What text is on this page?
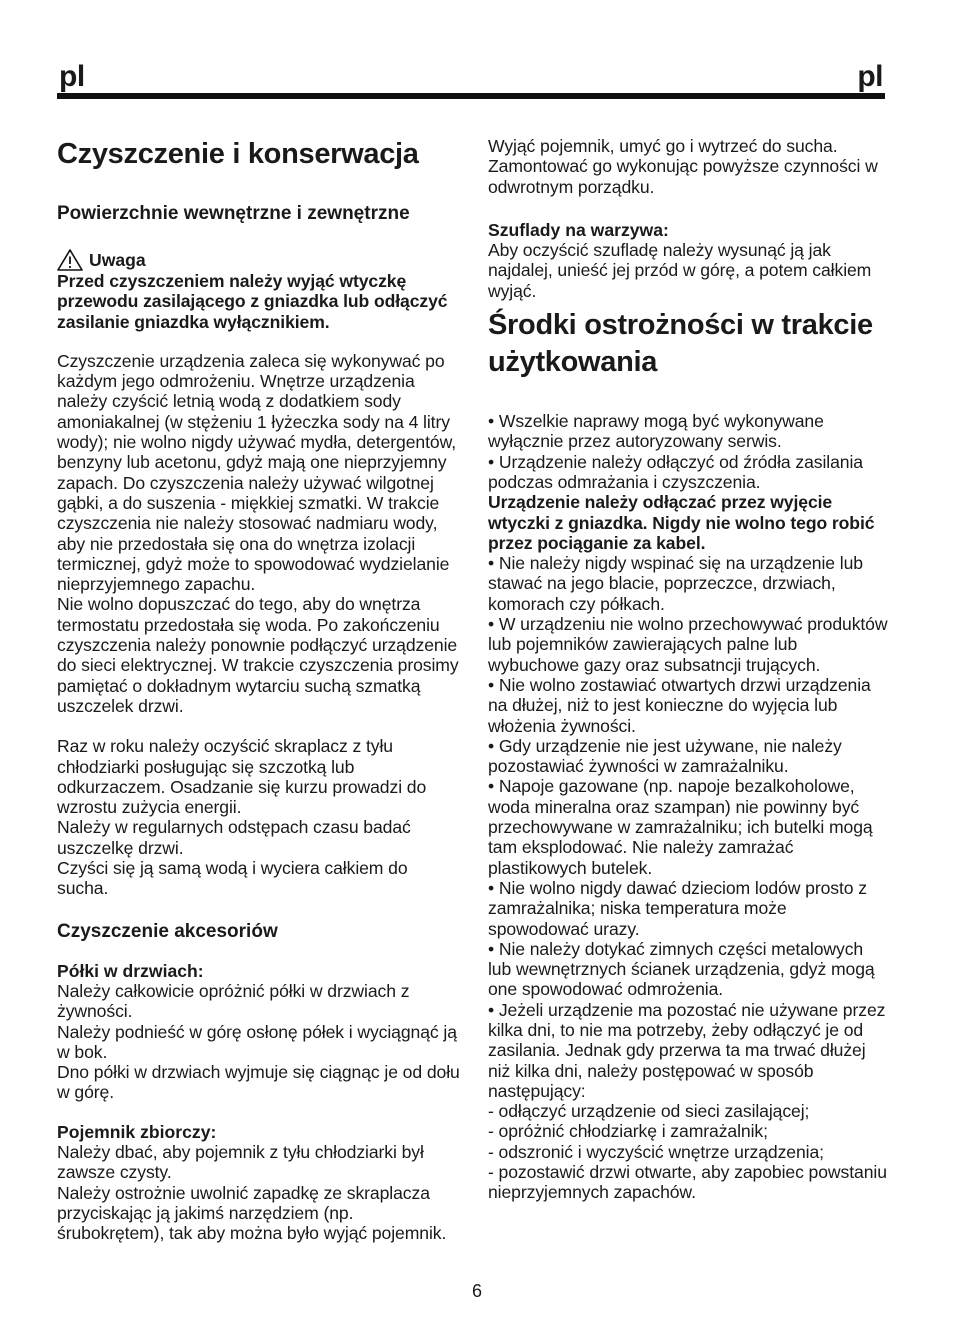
pl	pl
Czyszczenie i konserwacja
Powierzchnie wewnętrzne i zewnętrzne
Uwaga

Przed czyszczeniem należy wyjąć wtyczkę przewodu zasilającego z gniazdka lub odłączyć zasilanie gniazdka wyłącznikiem.

Czyszczenie urządzenia zaleca się wykonywać po każdym jego odmrożeniu. Wnętrze urządzenia należy czyścić letnią wodą z dodatkiem sody amoniakalnej (w stężeniu 1 łyżeczka sody na 4 litry wody); nie wolno nigdy używać mydła, detergentów, benzyny lub acetonu, gdyż mają one nieprzyjemny zapach. Do czyszczenia należy używać wilgotnej gąbki, a do suszenia - miękkiej szmatki. W trakcie czyszczenia nie należy stosować nadmiaru wody, aby nie przedostała się ona do wnętrza izolacji termicznej, gdyż może to spowodować wydzielanie nieprzyjemnego zapachu.

Nie wolno dopuszczać do tego, aby do wnętrza termostatu przedostała się woda. Po zakończeniu czyszczenia należy ponownie podłączyć urządzenie do sieci elektrycznej. W trakcie czyszczenia prosimy pamiętać o dokładnym wytarciu suchą szmatką uszczelek drzwi.

Raz w roku należy oczyścić skraplacz z tyłu chłodziarki posługując się szczotką lub odkurzaczem. Osadzanie się kurzu prowadzi do wzrostu zużycia energii.

Należy w regularnych odstępach czasu badać uszczelkę drzwi.

Czyści się ją samą wodą i wyciera całkiem do sucha.

Czyszczenie akcesoriów
Półki w drzwiach:

Należy całkowicie opróżnić półki w drzwiach z żywności.

Należy podnieść w górę osłonę półek i wyciągnąć ją w bok.

Dno półki w drzwiach wyjmuje się ciągnąc je od dołu w górę.

Pojemnik zbiorczy:

Należy dbać, aby pojemnik z tyłu chłodziarki był zawsze czysty.

Należy ostrożnie uwolnić zapadkę ze skraplacza przyciskając ją jakimś narzędziem (np. śrubokrętem), tak aby można było wyjąć pojemnik.

Wyjąć pojemnik, umyć go i wytrzeć do sucha. Zamontować go wykonując powyższe czynności w odwrotnym porządku.

Szuflady na warzywa:

Aby oczyścić szufladę należy wysunąć ją jak najdalej, unieść jej przód w górę, a potem całkiem wyjąć.

Środki ostrożności w trakcie użytkowania

• Wszelkie naprawy mogą być wykonywane wyłącznie przez autoryzowany serwis.

• Urządzenie należy odłączyć od źródła zasilania podczas odmrażania i czyszczenia.

Urządzenie należy odłączać przez wyjęcie wtyczki z gniazdka. Nigdy nie wolno tego robić przez pociąganie za kabel.

• Nie należy nigdy wspinać się na urządzenie lub stawać na jego blacie, poprzeczce, drzwiach, komorach czy półkach.

• W urządzeniu nie wolno przechowywać produktów lub pojemników zawierających palne lub wybuchowe gazy oraz subsatncji trujących.

• Nie wolno zostawiać otwartych drzwi urządzenia na dłużej, niż to jest konieczne do wyjęcia lub włożenia żywności.

• Gdy urządzenie nie jest używane, nie należy pozostawiać żywności w zamrażalniku.

• Napoje gazowane (np. napoje bezalkoholowe, woda mineralna oraz szampan) nie powinny być przechowywane w zamrażalniku; ich butelki mogą tam eksplodować. Nie należy zamrażać plastikowych butelek.

• Nie wolno nigdy dawać dzieciom lodów prosto z zamrażalnika; niska temperatura może spowodować urazy.

• Nie należy dotykać zimnych części metalowych lub wewnętrznych ścianek urządzenia, gdyż mogą one spowodować odmrożenia.

• Jeżeli urządzenie ma pozostać nie używane przez kilka dni, to nie ma potrzeby, żeby odłączyć je od zasilania. Jednak gdy przerwa ta ma trwać dłużej niż kilka dni, należy postępować w sposób następujący:

- odłączyć urządzenie od sieci zasilającej;

- opróżnić chłodziarkę i zamrażalnik;

- odszronić i wyczyścić wnętrze urządzenia;

- pozostawić drzwi otwarte, aby zapobiec powstaniu nieprzyjemnych zapachów.

6
